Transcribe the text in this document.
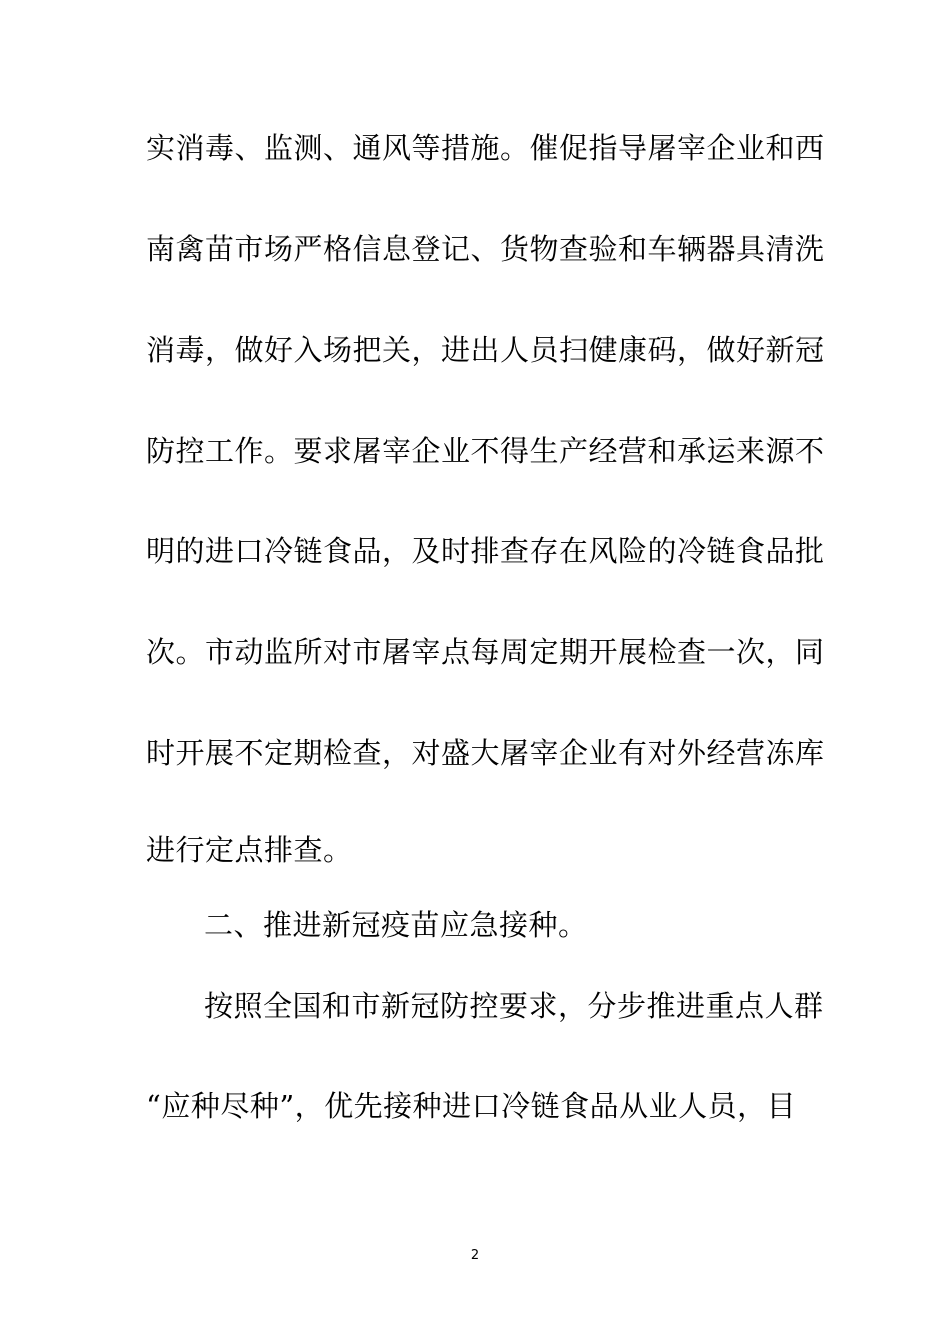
实消毒、监测、通风等措施。催促指导屠宰企业和西
南禽苗市场严格信息登记、货物查验和车辆器具清洗
消毒，做好入场把关，进出人员扫健康码，做好新冠
防控工作。要求屠宰企业不得生产经营和承运来源不
明的进口冷链食品，及时排查存在风险的冷链食品批
次。市动监所对市屠宰点每周定期开展检查一次，同
时开展不定期检查，对盛大屠宰企业有对外经营冻库
进行定点排查。
二、推进新冠疫苗应急接种。
按照全国和市新冠防控要求，分步推进重点人群
“应种尽种”，优先接种进口冷链食品从业人员，目
2
